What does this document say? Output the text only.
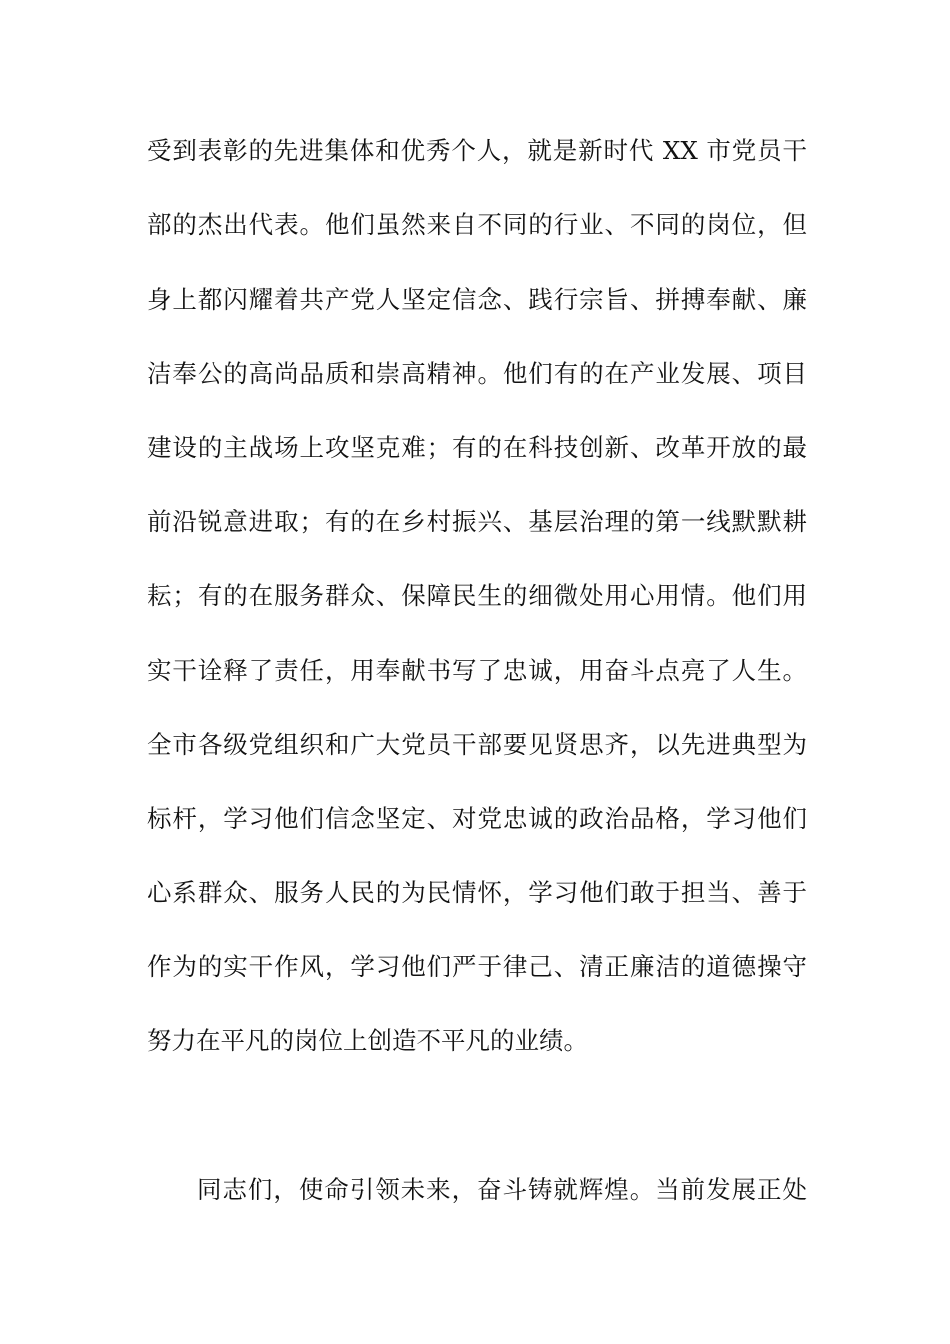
受到表彰的先进集体和优秀个人，就是新时代 XX 市党员干
部的杰出代表。他们虽然来自不同的行业、不同的岗位，但
身上都闪耀着共产党人坚定信念、践行宗旨、拼搏奉献、廉
洁奉公的高尚品质和崇高精神。他们有的在产业发展、项目
建设的主战场上攻坚克难；有的在科技创新、改革开放的最
前沿锐意进取；有的在乡村振兴、基层治理的第一线默默耕
耘；有的在服务群众、保障民生的细微处用心用情。他们用
实干诠释了责任，用奉献书写了忠诚，用奋斗点亮了人生。
全市各级党组织和广大党员干部要见贤思齐，以先进典型为
标杆，学习他们信念坚定、对党忠诚的政治品格，学习他们
心系群众、服务人民的为民情怀，学习他们敢于担当、善于
作为的实干作风，学习他们严于律己、清正廉洁的道德操守
努力在平凡的岗位上创造不平凡的业绩。
同志们，使命引领未来，奋斗铸就辉煌。当前发展正处
